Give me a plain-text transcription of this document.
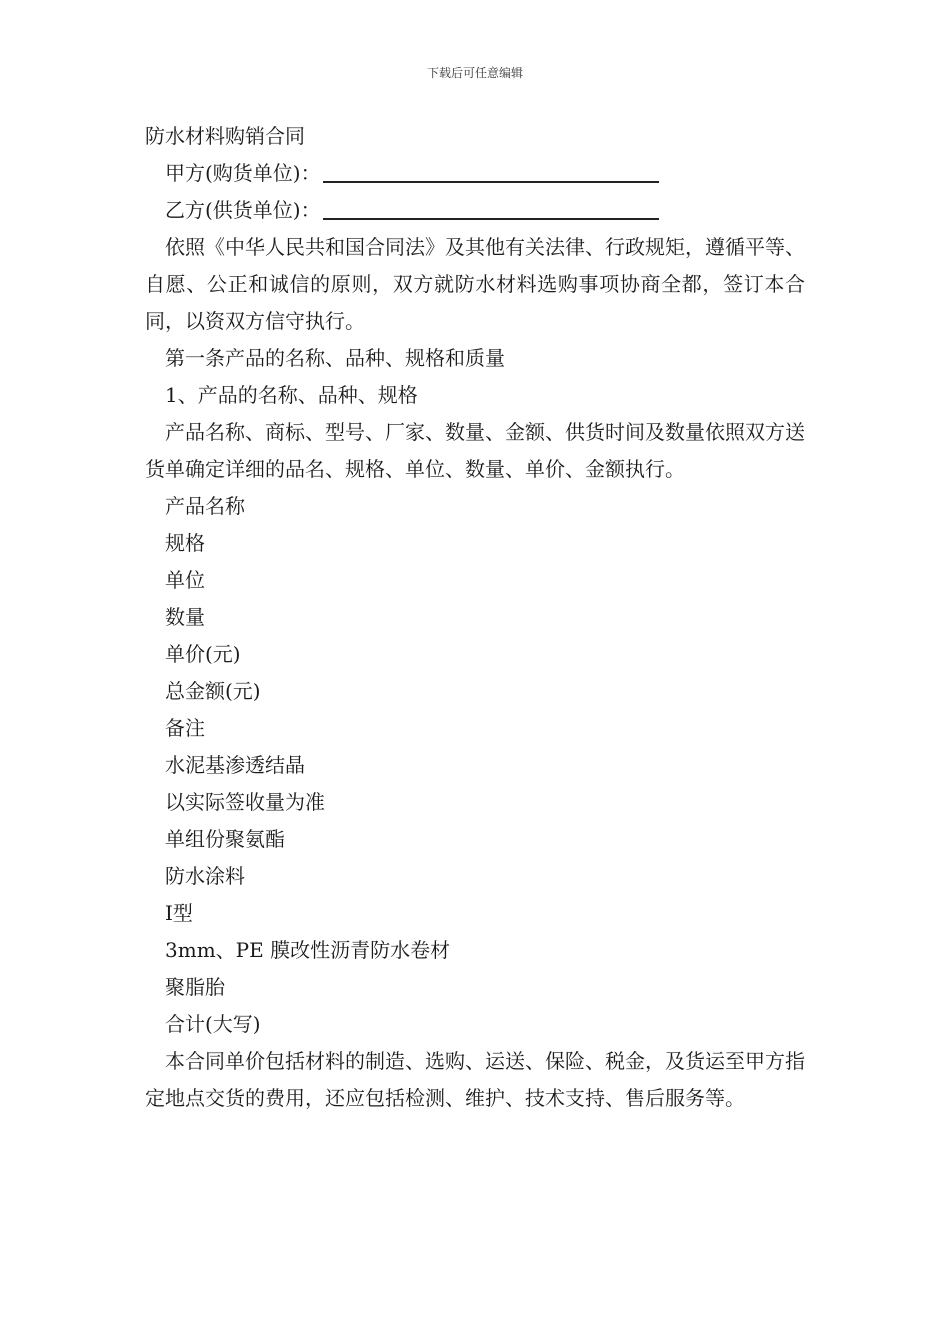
下载后可任意编辑

防水材料购销合同

甲方(购货单位)：

乙方(供货单位)：

依照《中华人民共和国合同法》及其他有关法律、行政规矩，遵循平等、自愿、公正和诚信的原则，双方就防水材料选购事项协商全都，签订本合同，以资双方信守执行。

第一条产品的名称、品种、规格和质量

1、产品的名称、品种、规格

产品名称、商标、型号、厂家、数量、金额、供货时间及数量依照双方送货单确定详细的品名、规格、单位、数量、单价、金额执行。

产品名称

规格

单位

数量

单价(元)

总金额(元)

备注

水泥基渗透结晶

以实际签收量为准

单组份聚氨酯

防水涂料

Ⅰ型

3mm、PE 膜改性沥青防水卷材

聚脂胎

合计(大写)

本合同单价包括材料的制造、选购、运送、保险、税金，及货运至甲方指定地点交货的费用，还应包括检测、维护、技术支持、售后服务等。
